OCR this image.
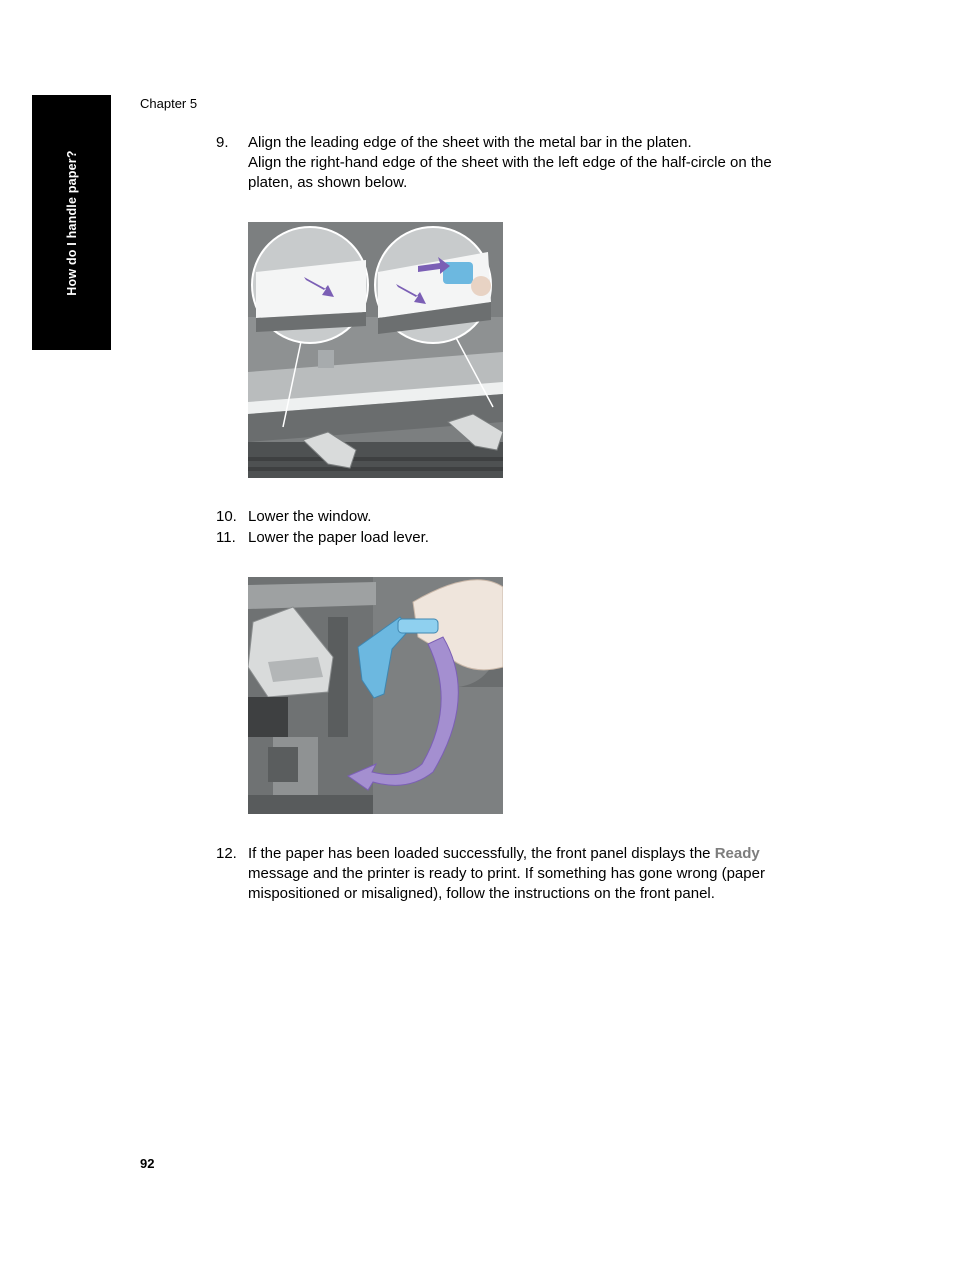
How do I handle paper?
Chapter 5
9. Align the leading edge of the sheet with the metal bar in the platen.
Align the right-hand edge of the sheet with the left edge of the half-circle on the platen, as shown below.
10. Lower the window.
11. Lower the paper load lever.
12. If the paper has been loaded successfully, the front panel displays the Ready message and the printer is ready to print. If something has gone wrong (paper mispositioned or misaligned), follow the instructions on the front panel.
92
